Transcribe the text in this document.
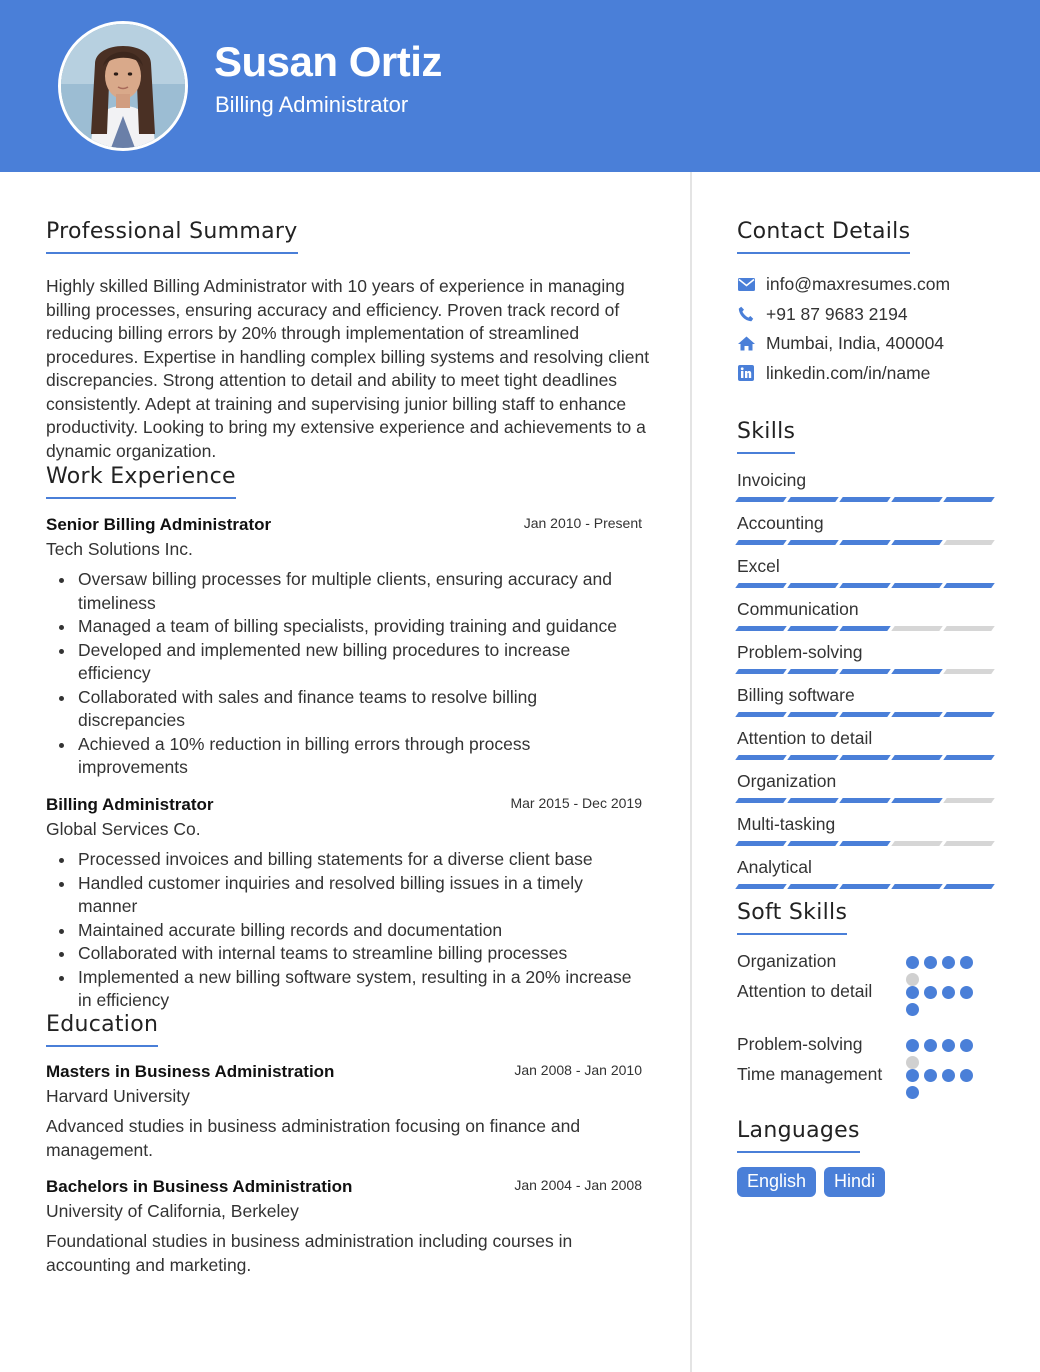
Susan Ortiz
Billing Administrator
Professional Summary
Highly skilled Billing Administrator with 10 years of experience in managing billing processes, ensuring accuracy and efficiency. Proven track record of reducing billing errors by 20% through implementation of streamlined procedures. Expertise in handling complex billing systems and resolving client discrepancies. Strong attention to detail and ability to meet tight deadlines consistently. Adept at training and supervising junior billing staff to enhance productivity. Looking to bring my extensive experience and achievements to a dynamic organization.
Work Experience
Senior Billing Administrator	Jan 2010 - Present
Tech Solutions Inc.
Oversaw billing processes for multiple clients, ensuring accuracy and timeliness
Managed a team of billing specialists, providing training and guidance
Developed and implemented new billing procedures to increase efficiency
Collaborated with sales and finance teams to resolve billing discrepancies
Achieved a 10% reduction in billing errors through process improvements
Billing Administrator	Mar 2015 - Dec 2019
Global Services Co.
Processed invoices and billing statements for a diverse client base
Handled customer inquiries and resolved billing issues in a timely manner
Maintained accurate billing records and documentation
Collaborated with internal teams to streamline billing processes
Implemented a new billing software system, resulting in a 20% increase in efficiency
Education
Masters in Business Administration	Jan 2008 - Jan 2010
Harvard University
Advanced studies in business administration focusing on finance and management.
Bachelors in Business Administration	Jan 2004 - Jan 2008
University of California, Berkeley
Foundational studies in business administration including courses in accounting and marketing.
Contact Details
info@maxresumes.com
+91 87 9683 2194
Mumbai, India, 400004
linkedin.com/in/name
Skills
Invoicing
Accounting
Excel
Communication
Problem-solving
Billing software
Attention to detail
Organization
Multi-tasking
Analytical
Soft Skills
Organization
Attention to detail
Problem-solving
Time management
Languages
English	Hindi
